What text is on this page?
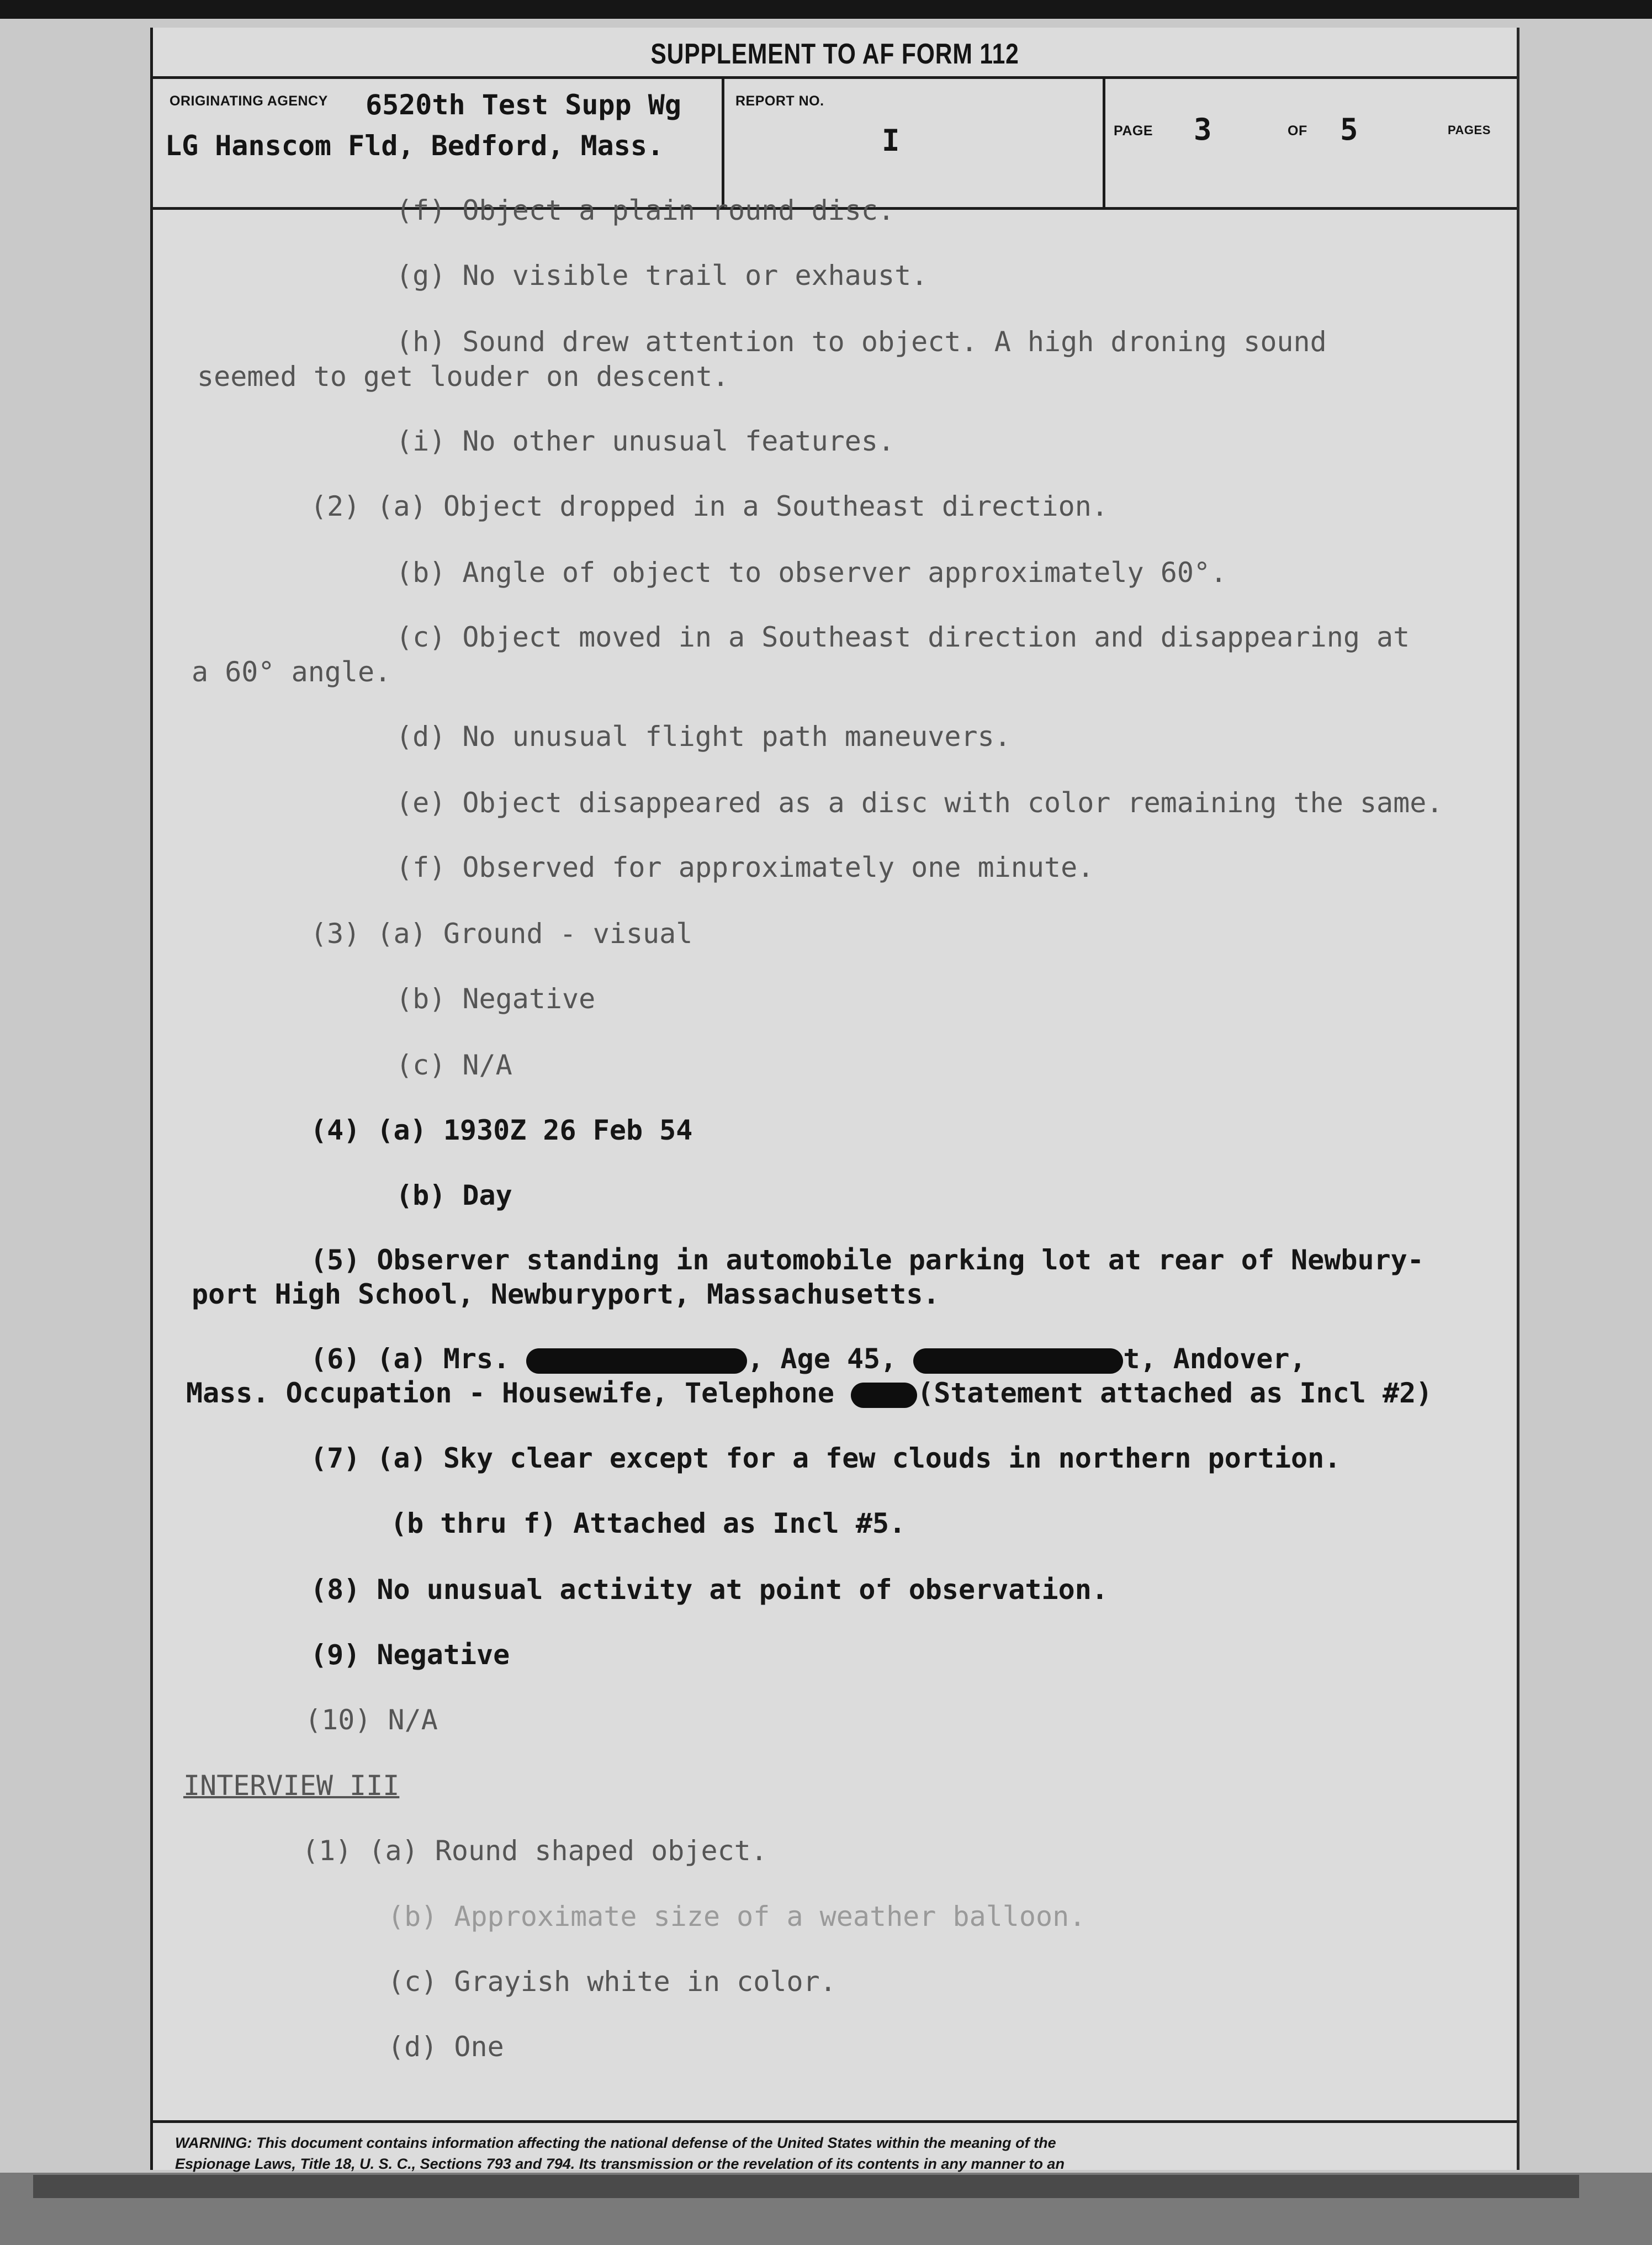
SUPPLEMENT TO AF FORM 112
ORIGINATING AGENCY 6520th Test Supp Wg
LG Hanscom Fld, Bedford, Mass.
REPORT NO.
I	PAGE 3	OF 5	PAGES
(f) Object a plain round disc.
(g) No visible trail or exhaust.
(h) Sound drew attention to object. A high droning sound
seemed to get louder on descent.
(i) No other unusual features.
(2) (a) Object dropped in a Southeast direction.
(b) Angle of object to observer approximately 60°.
(c) Object moved in a Southeast direction and disappearing at
a 60° angle.
(d) No unusual flight path maneuvers.
(e) Object disappeared as a disc with color remaining the same.
(f) Observed for approximately one minute.
(3) (a) Ground - visual
(b) Negative
(c) N/A
(4) (a) 1930Z 26 Feb 54
(b) Day
(5) Observer standing in automobile parking lot at rear of Newbury-
port High School, Newburyport, Massachusetts.
(6) (a) Mrs.	, Age 45,	t, Andover,
Mass. Occupation - Housewife, Telephone	(Statement attached as Incl #2)
(7) (a) Sky clear except for a few clouds in northern portion.
(b thru f) Attached as Incl #5.
(8) No unusual activity at point of observation.
(9) Negative
(10) N/A
INTERVIEW III
(1) (a) Round shaped object.
(b) Approximate size of a weather balloon.
(c) Grayish white in color.
(d) One
WARNING: This document contains information affecting the national defense of the United States within the meaning of the
Espionage Laws, Title 18, U. S. C., Sections 793 and 794. Its transmission or the revelation of its contents in any manner to an
